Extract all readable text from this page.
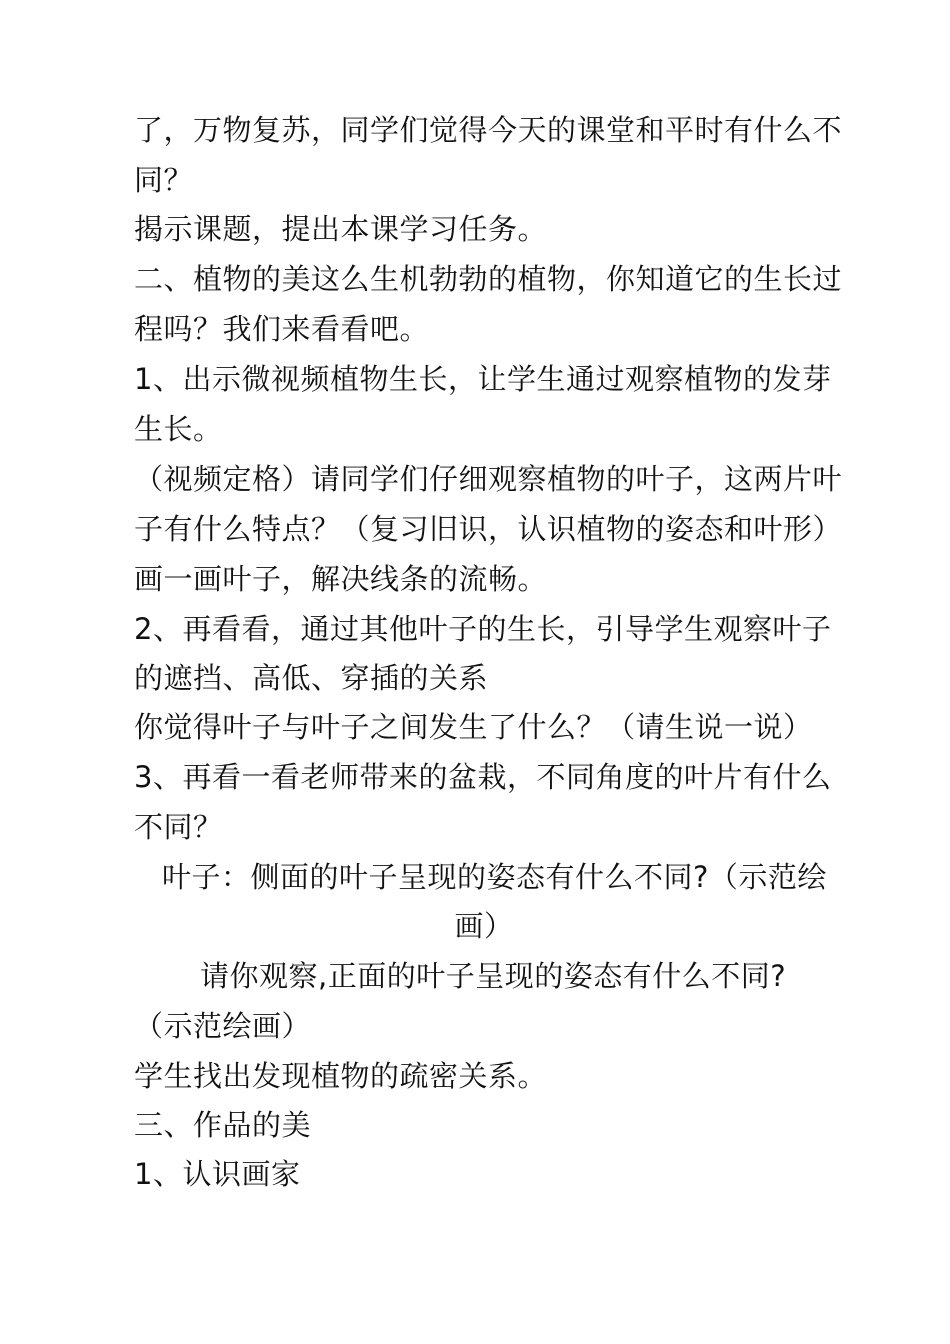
了，万物复苏，同学们觉得今天的课堂和平时有什么不
同？
揭示课题，提出本课学习任务。
二、植物的美这么生机勃勃的植物，你知道它的生长过
程吗？我们来看看吧。
1、出示微视频植物生长，让学生通过观察植物的发芽
生长。
（视频定格）请同学们仔细观察植物的叶子，这两片叶
子有什么特点？（复习旧识，认识植物的姿态和叶形）
画一画叶子，解决线条的流畅。
2、再看看，通过其他叶子的生长，引导学生观察叶子
的遮挡、高低、穿插的关系
你觉得叶子与叶子之间发生了什么？（请生说一说）
3、再看一看老师带来的盆栽，不同角度的叶片有什么
不同？
叶子：侧面的叶子呈现的姿态有什么不同?（示范绘
画）
请你观察,正面的叶子呈现的姿态有什么不同?
（示范绘画）
学生找出发现植物的疏密关系。
三、作品的美
1、认识画家
